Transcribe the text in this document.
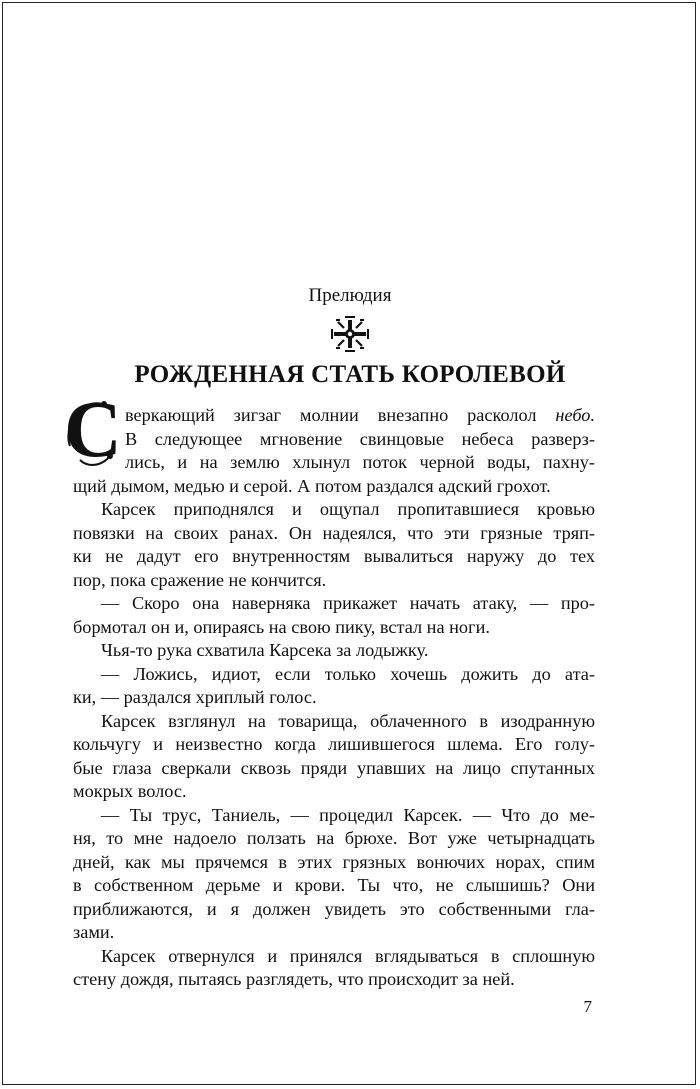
Прелюдия
РОЖДЕННАЯ СТАТЬ КОРОЛЕВОЙ
С веркающий зигзаг молнии внезапно расколол небо.
В следующее мгновение свинцовые небеса разверз-
лись, и на землю хлынул поток черной воды, пахну-
щий дымом, медью и серой. А потом раздался адский грохот.
Карсек приподнялся и ощупал пропитавшиеся кровью
повязки на своих ранах. Он надеялся, что эти грязные тряп-
ки не дадут его внутренностям вывалиться наружу до тех
пор, пока сражение не кончится.
— Скоро она наверняка прикажет начать атаку, — про-
бормотал он и, опираясь на свою пику, встал на ноги.
Чья-то рука схватила Карсека за лодыжку.
— Ложись, идиот, если только хочешь дожить до ата-
ки, — раздался хриплый голос.
Карсек взглянул на товарища, облаченного в изодранную
кольчугу и неизвестно когда лишившегося шлема. Его голу-
бые глаза сверкали сквозь пряди упавших на лицо спутанных
мокрых волос.
— Ты трус, Таниель, — процедил Карсек. — Что до ме-
ня, то мне надоело ползать на брюхе. Вот уже четырнадцать
дней, как мы прячемся в этих грязных вонючих норах, спим
в собственном дерьме и крови. Ты что, не слышишь? Они
приближаются, и я должен увидеть это собственными гла-
зами.
Карсек отвернулся и принялся вглядываться в сплошную
стену дождя, пытаясь разглядеть, что происходит за ней.
7
